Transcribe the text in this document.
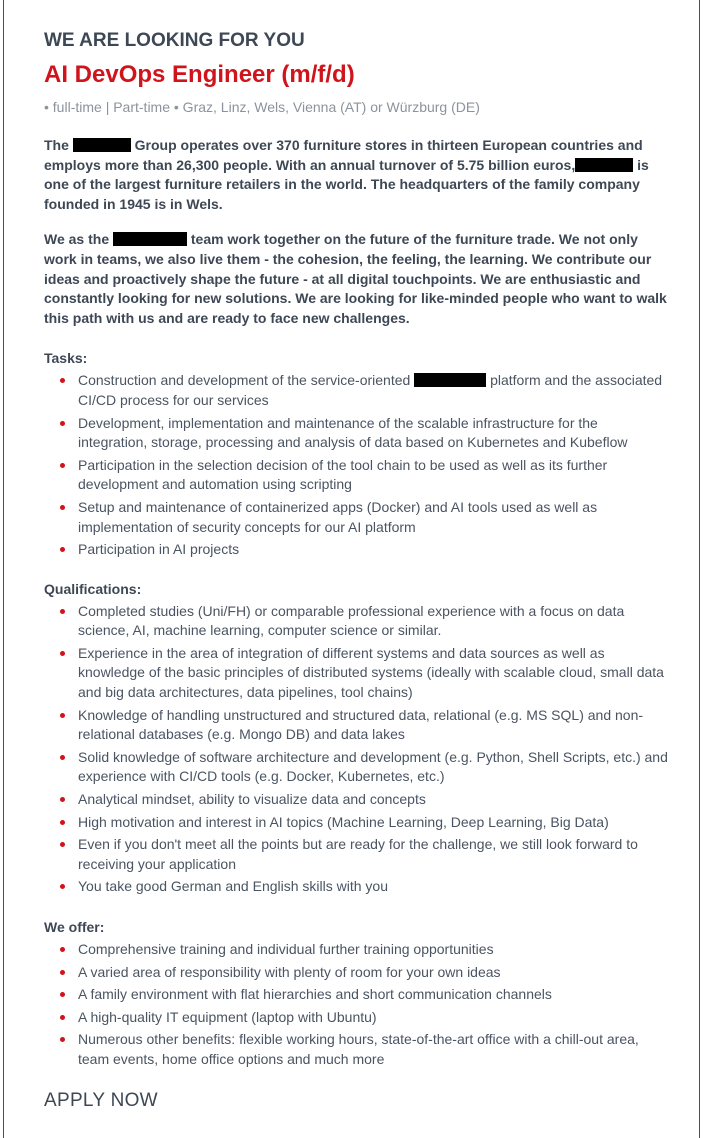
WE ARE LOOKING FOR YOU
AI DevOps Engineer (m/f/d)

• full-time | Part-time • Graz, Linz, Wels, Vienna (AT) or Würzburg (DE)

The	Group operates over 370 furniture stores in thirteen European countries and employs more than 26,300 people. With an annual turnover of 5.75 billion euros,	is one of the largest furniture retailers in the world. The headquarters of the family company founded in 1945 is in Wels.

We as the	team work together on the future of the furniture trade. We not only work in teams, we also live them - the cohesion, the feeling, the learning. We contribute our ideas and proactively shape the future - at all digital touchpoints. We are enthusiastic and constantly looking for new solutions. We are looking for like-minded people who want to walk this path with us and are ready to face new challenges.

Tasks:
Construction and development of the service-oriented	platform and the associated CI/CD process for our services
Development, implementation and maintenance of the scalable infrastructure for the integration, storage, processing and analysis of data based on Kubernetes and Kubeflow
Participation in the selection decision of the tool chain to be used as well as its further development and automation using scripting
Setup and maintenance of containerized apps (Docker) and AI tools used as well as implementation of security concepts for our AI platform
Participation in AI projects
Qualifications:
Completed studies (Uni/FH) or comparable professional experience with a focus on data science, AI, machine learning, computer science or similar.
Experience in the area of integration of different systems and data sources as well as knowledge of the basic principles of distributed systems (ideally with scalable cloud, small data and big data architectures, data pipelines, tool chains)
Knowledge of handling unstructured and structured data, relational (e.g. MS SQL) and non-relational databases (e.g. Mongo DB) and data lakes
Solid knowledge of software architecture and development (e.g. Python, Shell Scripts, etc.) and experience with CI/CD tools (e.g. Docker, Kubernetes, etc.)
Analytical mindset, ability to visualize data and concepts
High motivation and interest in AI topics (Machine Learning, Deep Learning, Big Data)
Even if you don't meet all the points but are ready for the challenge, we still look forward to receiving your application
You take good German and English skills with you
We offer:
Comprehensive training and individual further training opportunities
A varied area of responsibility with plenty of room for your own ideas
A family environment with flat hierarchies and short communication channels
A high-quality IT equipment (laptop with Ubuntu)
Numerous other benefits: flexible working hours, state-of-the-art office with a chill-out area, team events, home office options and much more
APPLY NOW
